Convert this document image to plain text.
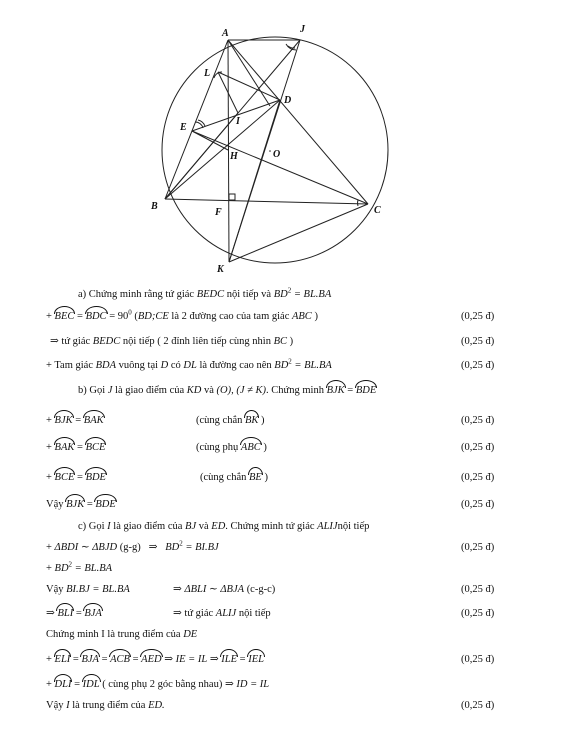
A	J
L
D
E
I
H	O
B
F	C
K
a) Chứng minh rằng tứ giác BEDC nội tiếp và $BD^2 = BL.BA$
+ BEC = BDC = $90^0$ (BD;CE là 2 đường cao của tam giác ABC )	(0,25 đ)
⇒ tứ giác BEDC nội tiếp ( 2 đỉnh liên tiếp cùng nhìn BC )	(0,25 đ)
+ Tam giác BDA vuông tại D có DL là đường cao nên $BD^2 = BL.BA$	(0,25 đ)
b) Gọi J là giao điểm của KD và (O), (J ≠ K). Chứng minh BJK = BDE
+ BJK = BAK	(cùng chắn BK )	(0,25 đ)
+ BAK = BCE	(cùng phụ ABC )	(0,25 đ)
+ BCE = BDE	(cùng chắn BE )	(0,25 đ)
Vậy BJK = BDE	(0,25 đ)
c) Gọi I là giao điểm của BJ và ED. Chứng minh tứ giác ALIJnội tiếp
+ ΔBDI ∼ ΔBJD (g-g) ⇒ $BD^2 = BI.BJ$	(0,25 đ)
+ $BD^2 = BL.BA$
Vậy BI.BJ = BL.BA	⇒ ΔBLI ∼ ΔBJA (c-g-c)	(0,25 đ)
⇒ BLI = BJA	⇒ tứ giác ALIJ nội tiếp	(0,25 đ)
Chứng minh I là trung điểm của DE
+ ELI = BJA = ACB = AED ⇒ IE = IL ⇒ ILE = IEL	(0,25 đ)
+ DLI = IDL ( cùng phụ 2 góc bằng nhau) ⇒ ID = IL
Vậy I là trung điểm của ED.	(0,25 đ)
